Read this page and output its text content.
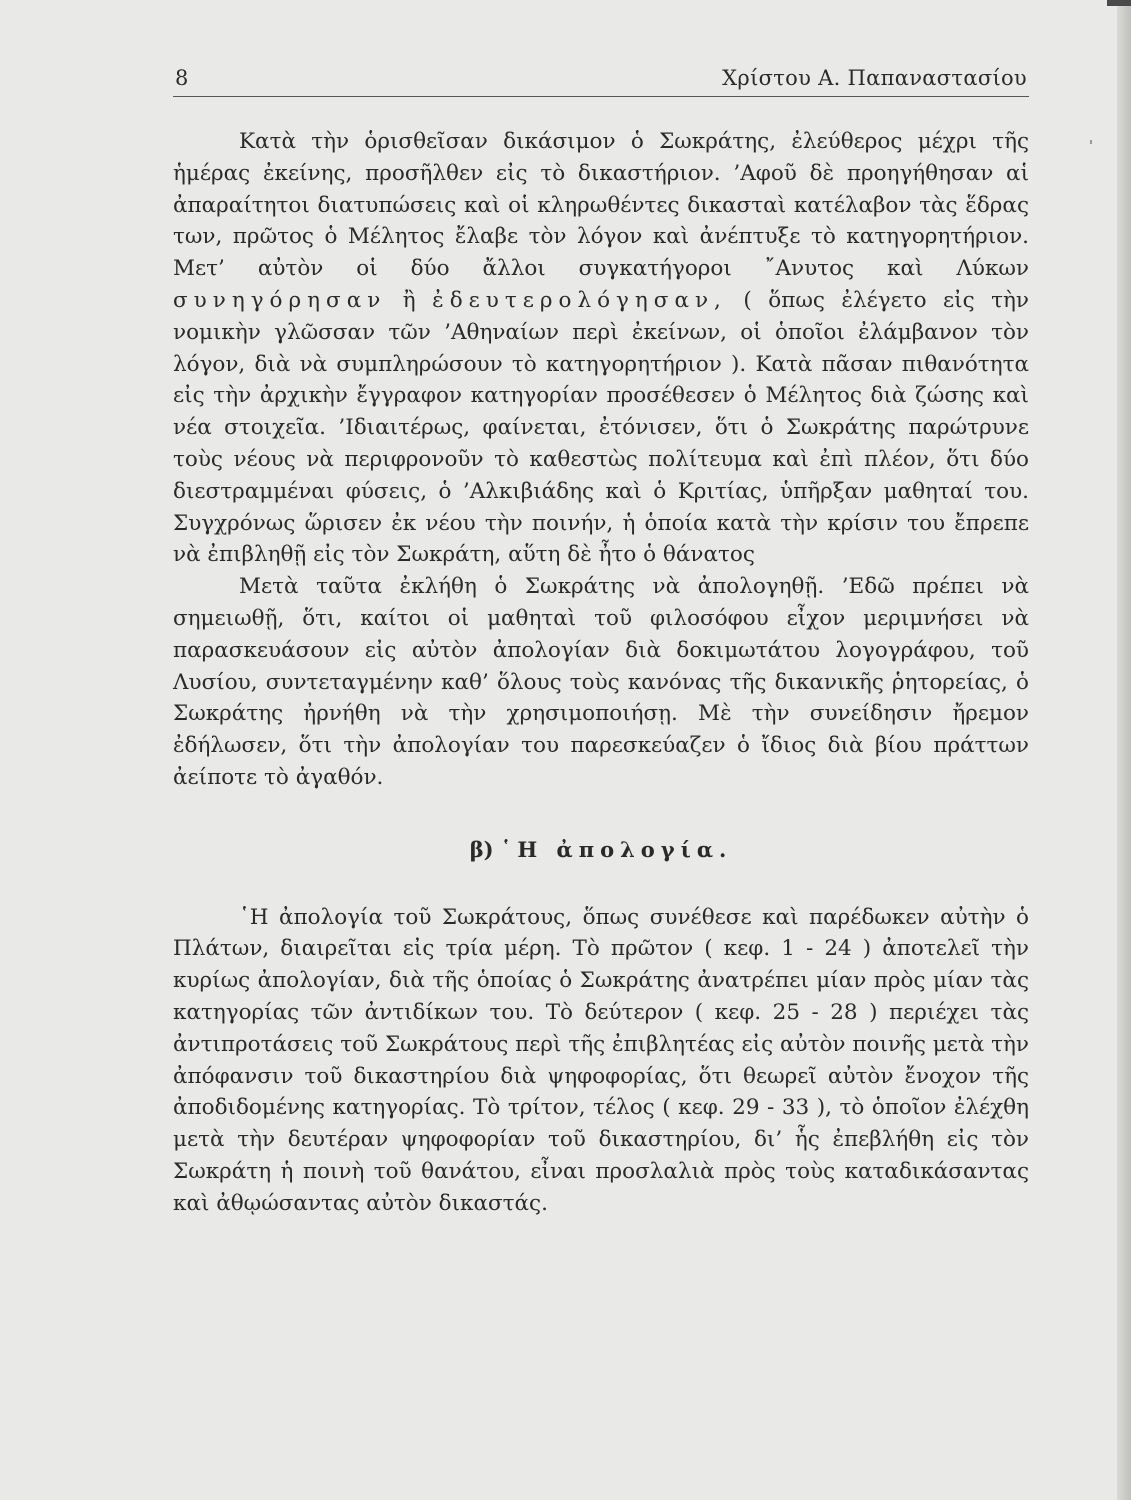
8	Χρίστου Α. Παπαναστασίου

Κατὰ τὴν ὁρισθεῖσαν δικάσιμον ὁ Σωκράτης, ἐλεύθερος μέχρι τῆς ἡμέρας ἐκείνης, προσῆλθεν εἰς τὸ δικαστήριον. ’Αφοῦ δὲ προηγήθησαν αἱ ἀπαραίτητοι διατυπώσεις καὶ οἱ κληρωθέντες δικασταὶ κατέλαβον τὰς ἕδρας των, πρῶτος ὁ Μέλητος ἔλαβε τὸν λόγον καὶ ἀνέπτυξε τὸ κατηγορητήριον. Μετ’ αὐτὸν οἱ δύο ἄλλοι συγκατήγοροι ῎Ανυτος καὶ Λύκων συνηγόρησαν ἢ ἐδευτερολόγησαν, ( ὅπως ἐλέγετο εἰς τὴν νομικὴν γλῶσσαν τῶν ’Αθηναίων περὶ ἐκείνων, οἱ ὁποῖοι ἐλάμβανον τὸν λόγον, διὰ νὰ συμπληρώσουν τὸ κατηγορητήριον ). Κατὰ πᾶσαν πιθανότητα εἰς τὴν ἀρχικὴν ἔγγραφον κατηγορίαν προσέθεσεν ὁ Μέλητος διὰ ζώσης καὶ νέα στοιχεῖα. ’Ιδιαιτέρως, φαίνεται, ἐτόνισεν, ὅτι ὁ Σωκράτης παρώτρυνε τοὺς νέους νὰ περιφρονοῦν τὸ καθεστὼς πολίτευμα καὶ ἐπὶ πλέον, ὅτι δύο διεστραμμέναι φύσεις, ὁ ’Αλκιβιάδης καὶ ὁ Κριτίας, ὑπῆρξαν μαθηταί του. Συγχρόνως ὥρισεν ἐκ νέου τὴν ποινήν, ἡ ὁποία κατὰ τὴν κρίσιν του ἔπρεπε νὰ ἐπιβληθῇ εἰς τὸν Σωκράτη, αὕτη δὲ ἦτο ὁ θάνατος

Μετὰ ταῦτα ἐκλήθη ὁ Σωκράτης νὰ ἀπολογηθῇ. ’Εδῶ πρέπει νὰ σημειωθῇ, ὅτι, καίτοι οἱ μαθηταὶ τοῦ φιλοσόφου εἶχον μεριμνήσει νὰ παρασκευάσουν εἰς αὐτὸν ἀπολογίαν διὰ δοκιμωτάτου λογογράφου, τοῦ Λυσίου, συντεταγμένην καθ’ ὅλους τοὺς κανόνας τῆς δικανικῆς ῥητορείας, ὁ Σωκράτης ἠρνήθη νὰ τὴν χρησιμοποιήσῃ. Μὲ τὴν συνείδησιν ἤρεμον ἐδήλωσεν, ὅτι τὴν ἀπολογίαν του παρεσκεύαζεν ὁ ἴδιος διὰ βίου πράττων ἀείποτε τὸ ἀγαθόν.

β) ῾Η ἀπολογία.

῾Η ἀπολογία τοῦ Σωκράτους, ὅπως συνέθεσε καὶ παρέδωκεν αὐτὴν ὁ Πλάτων, διαιρεῖται εἰς τρία μέρη. Τὸ πρῶτον ( κεφ. 1 - 24 ) ἀποτελεῖ τὴν κυρίως ἀπολογίαν, διὰ τῆς ὁποίας ὁ Σωκράτης ἀνατρέπει μίαν πρὸς μίαν τὰς κατηγορίας τῶν ἀντιδίκων του. Τὸ δεύτερον ( κεφ. 25 - 28 ) περιέχει τὰς ἀντιπροτάσεις τοῦ Σωκράτους περὶ τῆς ἐπιβλητέας εἰς αὐτὸν ποινῆς μετὰ τὴν ἀπόφανσιν τοῦ δικαστηρίου διὰ ψηφοφορίας, ὅτι θεωρεῖ αὐτὸν ἔνοχον τῆς ἀποδιδομένης κατηγορίας. Τὸ τρίτον, τέλος ( κεφ. 29 - 33 ), τὸ ὁποῖον ἐλέχθη μετὰ τὴν δευτέραν ψηφοφορίαν τοῦ δικαστηρίου, δι’ ἧς ἐπεβλήθη εἰς τὸν Σωκράτη ἡ ποινὴ τοῦ θανάτου, εἶναι προσλαλιὰ πρὸς τοὺς καταδικάσαντας καὶ ἀθῳώσαντας αὐτὸν δικαστάς.
